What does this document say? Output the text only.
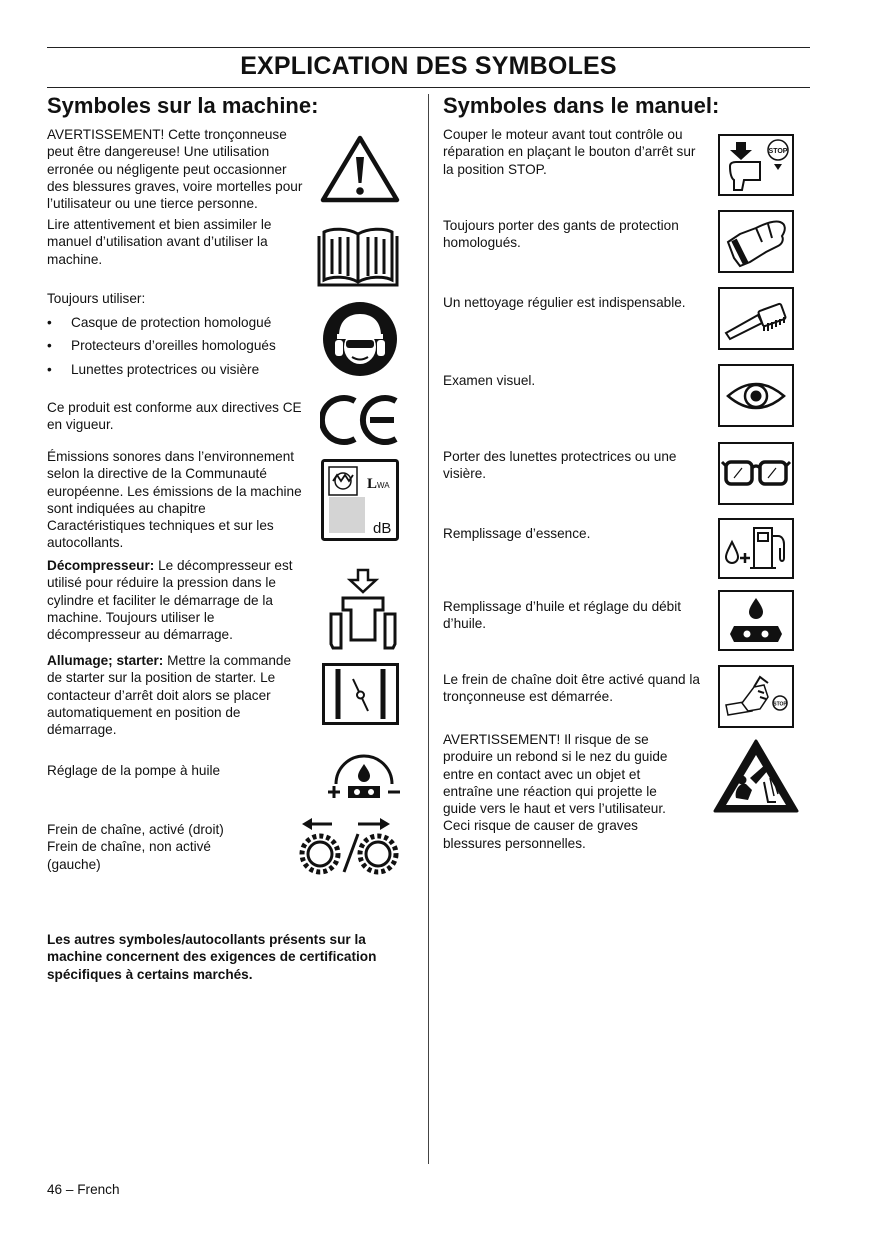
EXPLICATION DES SYMBOLES
Symboles sur la machine:
AVERTISSEMENT! Cette tronçonneuse peut être dangereuse! Une utilisation erronée ou négligente peut occasionner des blessures graves, voire mortelles pour l’utilisateur ou une tierce personne.
Lire attentivement et bien assimiler le manuel d’utilisation avant d’utiliser la machine.
Toujours utiliser:
• Casque de protection homologué
• Protecteurs d’oreilles homologués
• Lunettes protectrices ou visière
Ce produit est conforme aux directives CE en vigueur.
Émissions sonores dans l’environnement selon la directive de la Communauté européenne. Les émissions de la machine sont indiquées au chapitre Caractéristiques techniques et sur les autocollants.
L WA
dB
Décompresseur: Le décompresseur est utilisé pour réduire la pression dans le cylindre et faciliter le démarrage de la machine. Toujours utiliser le décompresseur au démarrage.
Allumage; starter: Mettre la commande de starter sur la position de starter. Le contacteur d’arrêt doit alors se placer automatiquement en position de démarrage.
Réglage de la pompe à huile
Frein de chaîne, activé (droit)
Frein de chaîne, non activé
(gauche)
Les autres symboles/autocollants présents sur la machine concernent des exigences de certification spécifiques à certains marchés.
Symboles dans le manuel:
Couper le moteur avant tout contrôle ou réparation en plaçant le bouton d’arrêt sur la position STOP.
STOP
Toujours porter des gants de protection homologués.
Un nettoyage régulier est indispensable.
Examen visuel.
Porter des lunettes protectrices ou une visière.
Remplissage d’essence.
Remplissage d’huile et réglage du débit d’huile.
Le frein de chaîne doit être activé quand la tronçonneuse est démarrée.
STOP
AVERTISSEMENT! Il risque de se produire un rebond si le nez du guide entre en contact avec un objet et entraîne une réaction qui projette le guide vers le haut et vers l’utilisateur. Ceci risque de causer de graves blessures personnelles.
46 – French
